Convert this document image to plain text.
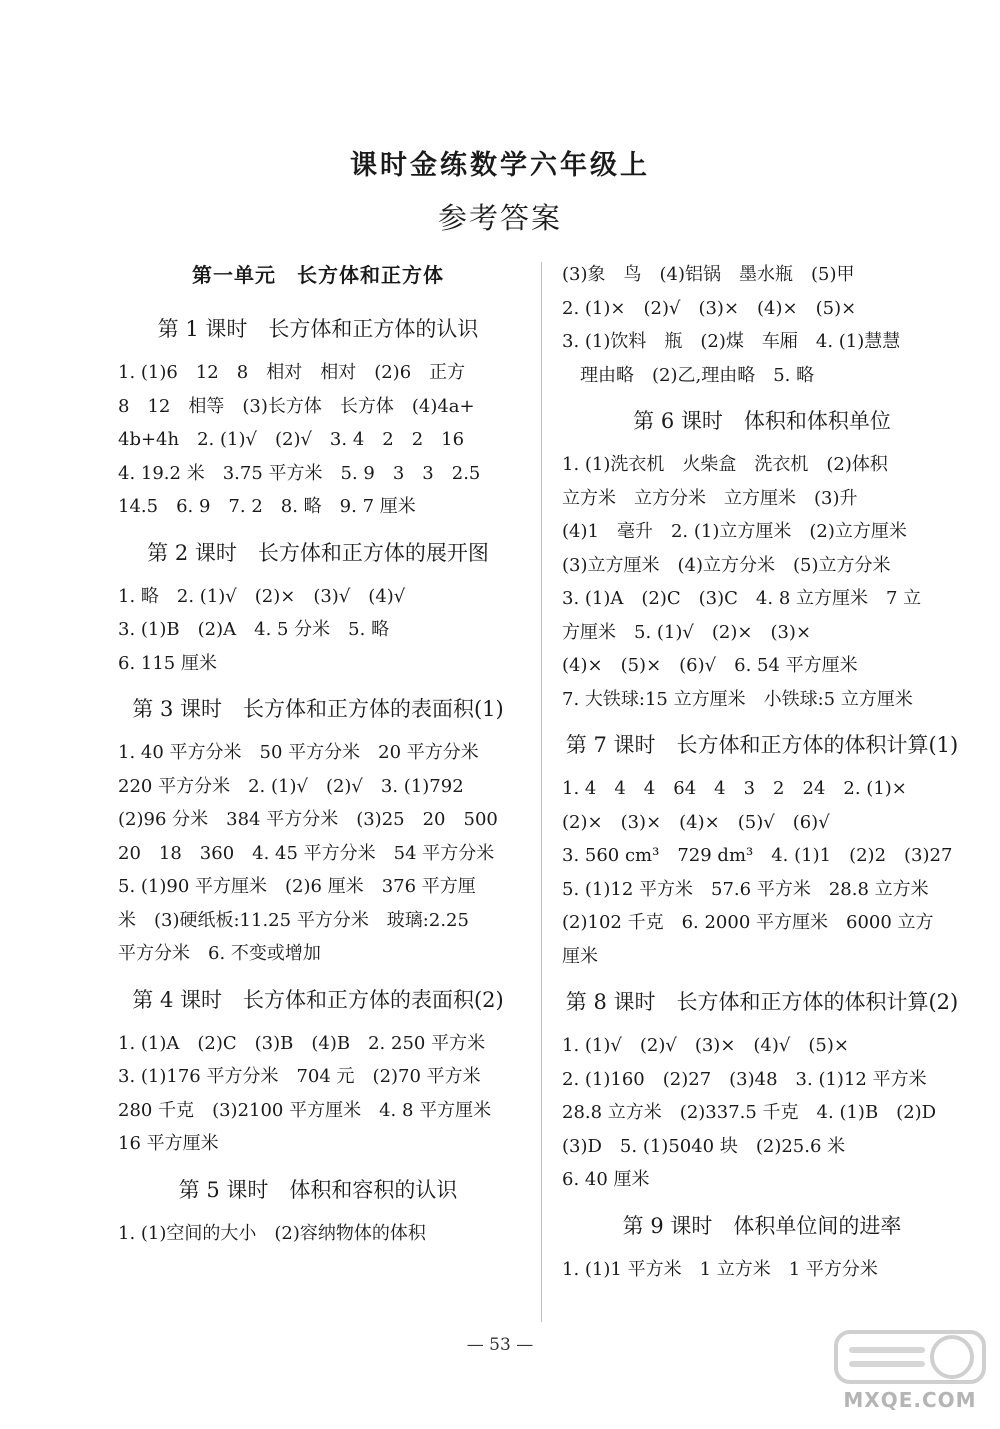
课时金练数学六年级上
参考答案
第一单元　长方体和正方体
第 1 课时　长方体和正方体的认识
1. (1)6　12　8　相对　相对　(2)6　正方
8　12　相等　(3)长方体　长方体　(4)4a+
4b+4h　2. (1)√　(2)√　3. 4　2　2　16
4. 19.2 米　3.75 平方米　5. 9　3　3　2.5
14.5　6. 9　7. 2　8. 略　9. 7 厘米
第 2 课时　长方体和正方体的展开图
1. 略　2. (1)√　(2)×　(3)√　(4)√
3. (1)B　(2)A　4. 5 分米　5. 略
6. 115 厘米
第 3 课时　长方体和正方体的表面积(1)
1. 40 平方分米　50 平方分米　20 平方分米
220 平方分米　2. (1)√　(2)√　3. (1)792
(2)96 分米　384 平方分米　(3)25　20　500
20　18　360　4. 45 平方分米　54 平方分米
5. (1)90 平方厘米　(2)6 厘米　376 平方厘
米　(3)硬纸板:11.25 平方分米　玻璃:2.25
平方分米　6. 不变或增加
第 4 课时　长方体和正方体的表面积(2)
1. (1)A　(2)C　(3)B　(4)B　2. 250 平方米
3. (1)176 平方分米　704 元　(2)70 平方米
280 千克　(3)2100 平方厘米　4. 8 平方厘米
16 平方厘米
第 5 课时　体积和容积的认识
1. (1)空间的大小　(2)容纳物体的体积
(3)象　鸟　(4)铝锅　墨水瓶　(5)甲
2. (1)×　(2)√　(3)×　(4)×　(5)×
3. (1)饮料　瓶　(2)煤　车厢　4. (1)慧慧
　理由略　(2)乙,理由略　5. 略
第 6 课时　体积和体积单位
1. (1)洗衣机　火柴盒　洗衣机　(2)体积
立方米　立方分米　立方厘米　(3)升
(4)1　毫升　2. (1)立方厘米　(2)立方厘米
(3)立方厘米　(4)立方分米　(5)立方分米
3. (1)A　(2)C　(3)C　4. 8 立方厘米　7 立
方厘米　5. (1)√　(2)×　(3)×
(4)×　(5)×　(6)√　6. 54 平方厘米
7. 大铁球:15 立方厘米　小铁球:5 立方厘米
第 7 课时　长方体和正方体的体积计算(1)
1. 4　4　4　64　4　3　2　24　2. (1)×
(2)×　(3)×　(4)×　(5)√　(6)√
3. 560 cm³　729 dm³　4. (1)1　(2)2　(3)27
5. (1)12 平方米　57.6 平方米　28.8 立方米
(2)102 千克　6. 2000 平方厘米　6000 立方
厘米
第 8 课时　长方体和正方体的体积计算(2)
1. (1)√　(2)√　(3)×　(4)√　(5)×
2. (1)160　(2)27　(3)48　3. (1)12 平方米
28.8 立方米　(2)337.5 千克　4. (1)B　(2)D
(3)D　5. (1)5040 块　(2)25.6 米
6. 40 厘米
第 9 课时　体积单位间的进率
1. (1)1 平方米　1 立方米　1 平方分米
— 53 —
MXQE.COM
